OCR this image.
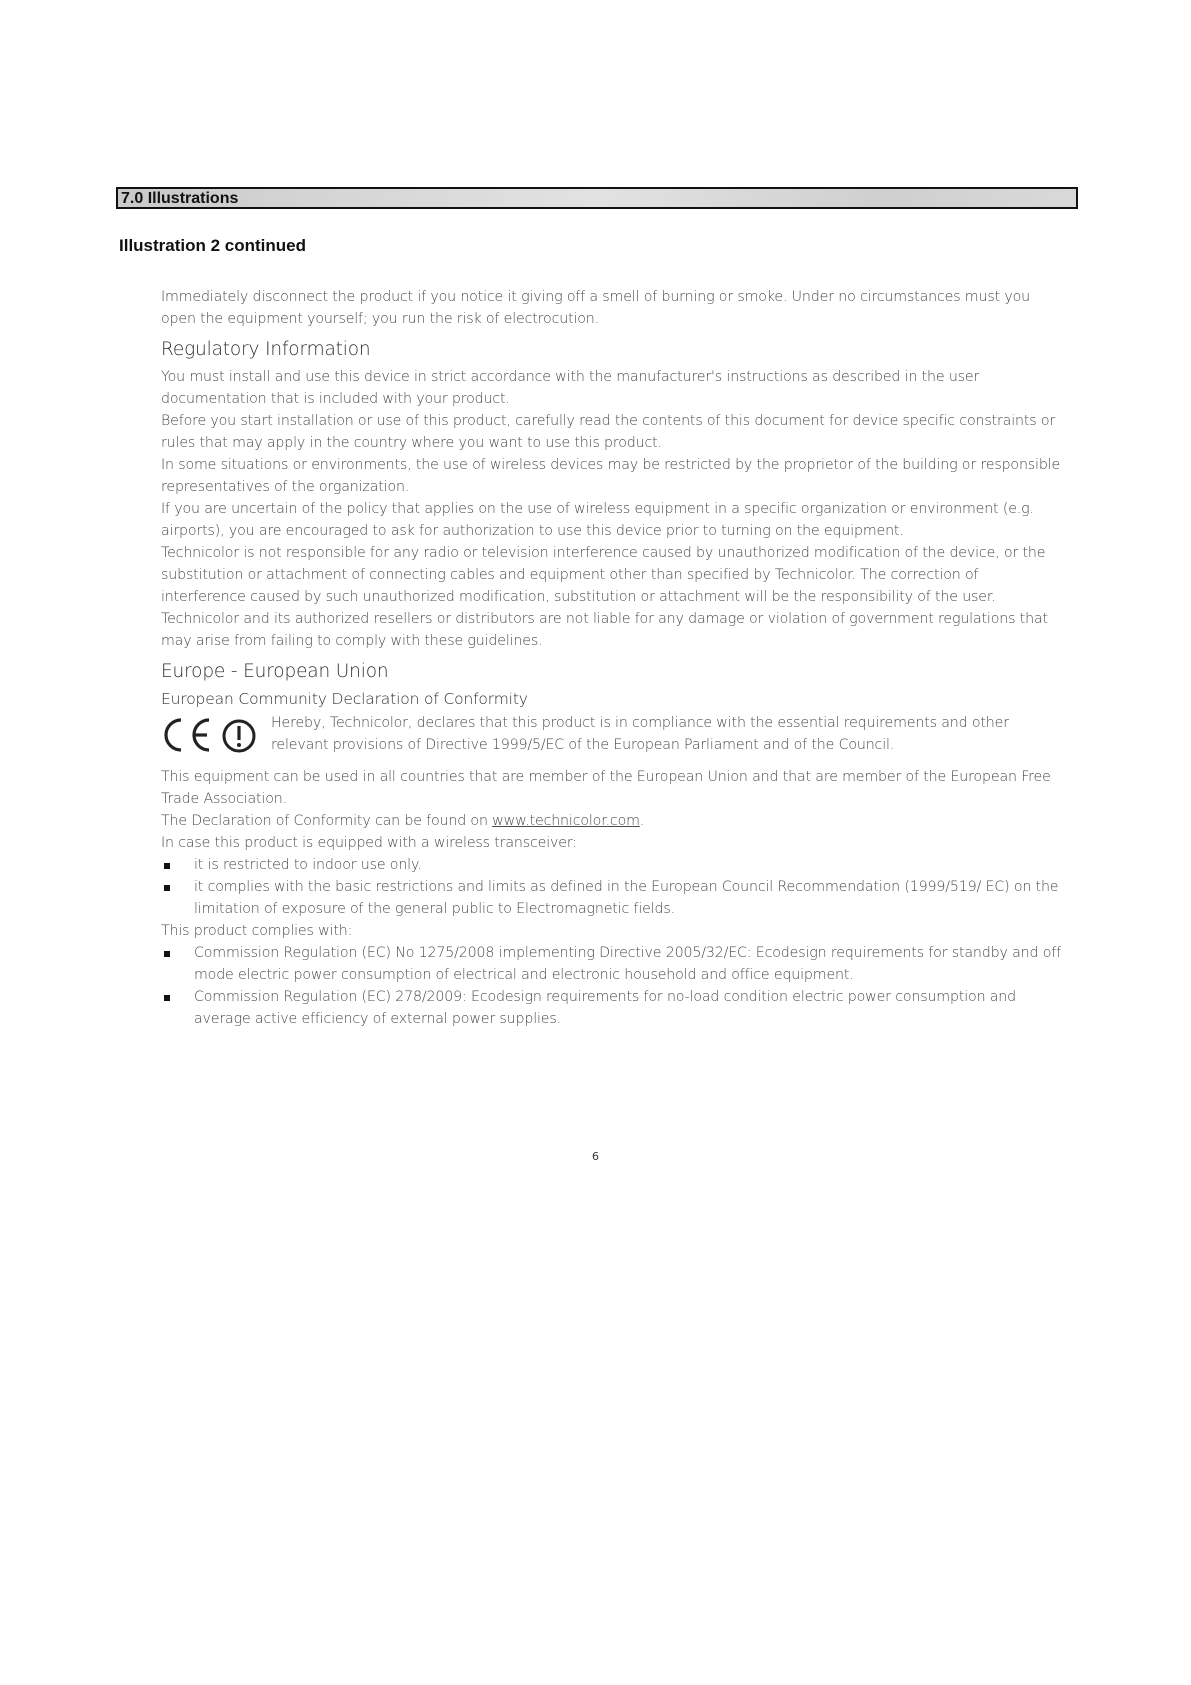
7.0 Illustrations
Illustration 2 continued

Immediately disconnect the product if you notice it giving off a smell of burning or smoke. Under no circumstances must you open the equipment yourself; you run the risk of electrocution.

Regulatory Information

You must install and use this device in strict accordance with the manufacturer's instructions as described in the user documentation that is included with your product.

Before you start installation or use of this product, carefully read the contents of this document for device specific constraints or rules that may apply in the country where you want to use this product.

In some situations or environments, the use of wireless devices may be restricted by the proprietor of the building or responsible representatives of the organization.

If you are uncertain of the policy that applies on the use of wireless equipment in a specific organization or environment (e.g. airports), you are encouraged to ask for authorization to use this device prior to turning on the equipment.

Technicolor is not responsible for any radio or television interference caused by unauthorized modification of the device, or the substitution or attachment of connecting cables and equipment other than specified by Technicolor. The correction of interference caused by such unauthorized modification, substitution or attachment will be the responsibility of the user.

Technicolor and its authorized resellers or distributors are not liable for any damage or violation of government regulations that may arise from failing to comply with these guidelines.

Europe - European Union
European Community Declaration of Conformity

Hereby, Technicolor, declares that this product is in compliance with the essential requirements and other relevant provisions of Directive 1999/5/EC of the European Parliament and of the Council.

This equipment can be used in all countries that are member of the European Union and that are member of the European Free Trade Association.

The Declaration of Conformity can be found on www.technicolor.com.

In case this product is equipped with a wireless transceiver:

it is restricted to indoor use only.
it complies with the basic restrictions and limits as defined in the European Council Recommendation (1999/519/ EC) on the limitation of exposure of the general public to Electromagnetic fields.

This product complies with:

Commission Regulation (EC) No 1275/2008 implementing Directive 2005/32/EC: Ecodesign requirements for standby and off mode electric power consumption of electrical and electronic household and office equipment.
Commission Regulation (EC) 278/2009: Ecodesign requirements for no-load condition electric power consumption and average active efficiency of external power supplies.
6
